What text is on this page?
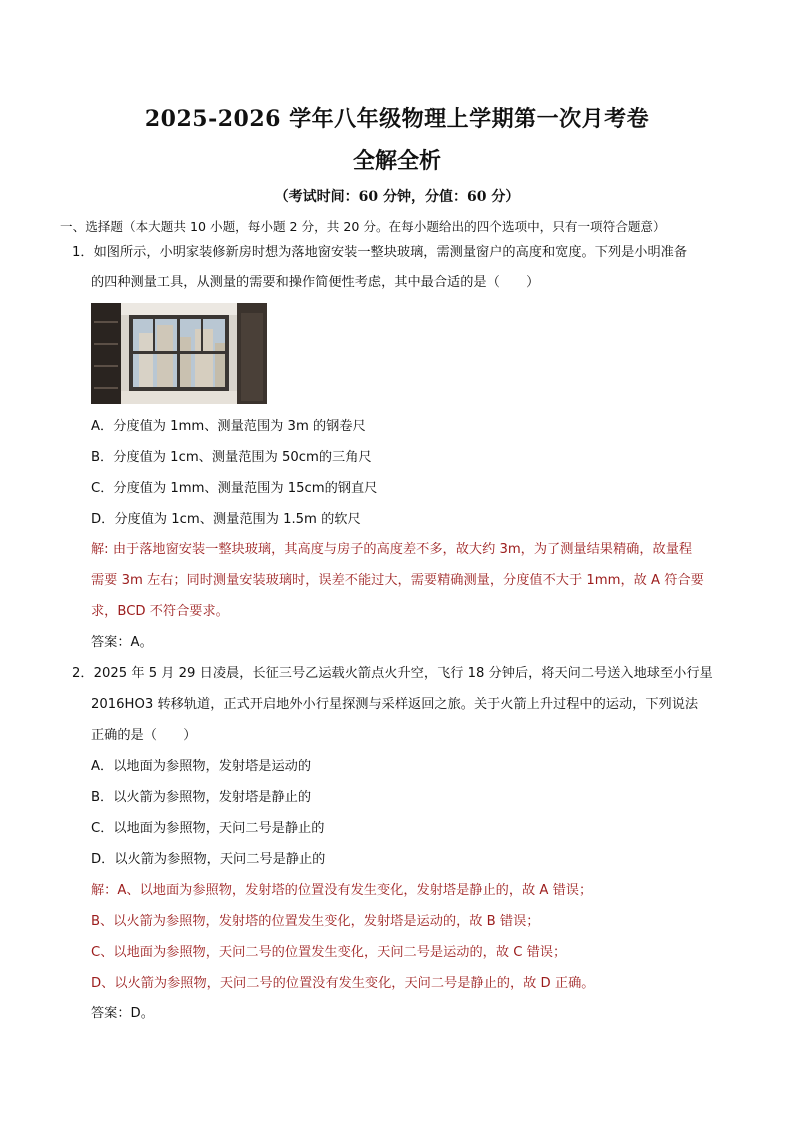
2025-2026 学年八年级物理上学期第一次月考卷
全解全析
（考试时间：60 分钟，分值：60 分）
一、选择题（本大题共 10 小题，每小题 2 分，共 20 分。在每小题给出的四个选项中，只有一项符合题意）
1．如图所示，小明家装修新房时想为落地窗安装一整块玻璃，需测量窗户的高度和宽度。下列是小明准备
的四种测量工具，从测量的需要和操作简便性考虑，其中最合适的是（　　）
A．分度值为 1mm、测量范围为 3m 的钢卷尺
B．分度值为 1cm、测量范围为 50cm的三角尺
C．分度值为 1mm、测量范围为 15cm的钢直尺
D．分度值为 1cm、测量范围为 1.5m 的软尺
解: 由于落地窗安装一整块玻璃，其高度与房子的高度差不多，故大约 3m，为了测量结果精确，故量程
需要 3m 左右；同时测量安装玻璃时，误差不能过大，需要精确测量，分度值不大于 1mm，故 A 符合要
求，BCD 不符合要求。
答案：A。
2．2025 年 5 月 29 日凌晨，长征三号乙运载火箭点火升空，飞行 18 分钟后，将天问二号送入地球至小行星
2016HO3 转移轨道，正式开启地外小行星探测与采样返回之旅。关于火箭上升过程中的运动，下列说法
正确的是（　　）
A．以地面为参照物，发射塔是运动的
B．以火箭为参照物，发射塔是静止的
C．以地面为参照物，天问二号是静止的
D．以火箭为参照物，天问二号是静止的
解：A、以地面为参照物，发射塔的位置没有发生变化，发射塔是静止的，故 A 错误；
B、以火箭为参照物，发射塔的位置发生变化，发射塔是运动的，故 B 错误；
C、以地面为参照物，天问二号的位置发生变化，天问二号是运动的，故 C 错误；
D、以火箭为参照物，天问二号的位置没有发生变化，天问二号是静止的，故 D 正确。
答案：D。
